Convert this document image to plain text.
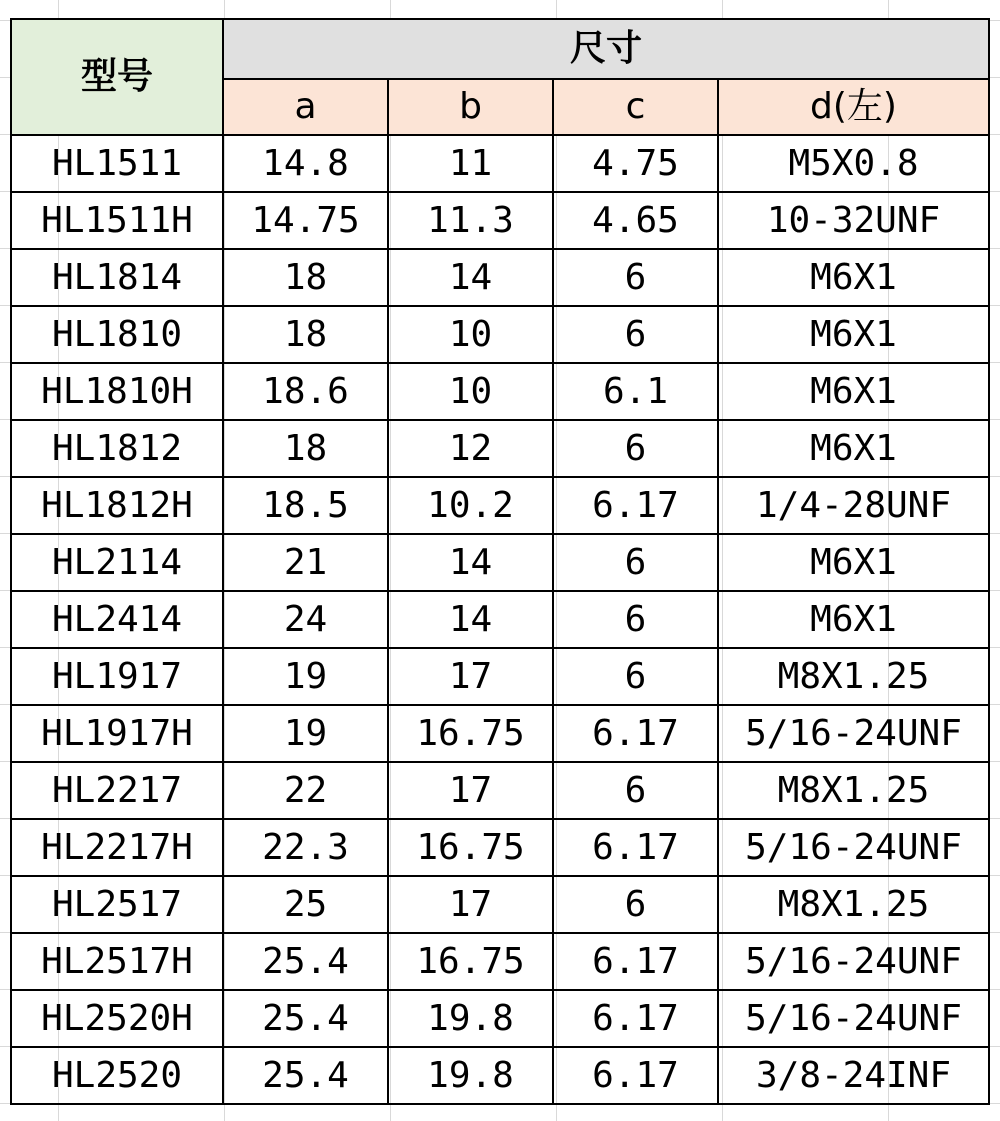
型号	尺寸			
	a	b	c	d(左)
HL1511	14.8	11	4.75	M5X0.8
HL1511H	14.75	11.3	4.65	10-32UNF
HL1814	18	14	6	M6X1
HL1810	18	10	6	M6X1
HL1810H	18.6	10	6.1	M6X1
HL1812	18	12	6	M6X1
HL1812H	18.5	10.2	6.17	1/4-28UNF
HL2114	21	14	6	M6X1
HL2414	24	14	6	M6X1
HL1917	19	17	6	M8X1.25
HL1917H	19	16.75	6.17	5/16-24UNF
HL2217	22	17	6	M8X1.25
HL2217H	22.3	16.75	6.17	5/16-24UNF
HL2517	25	17	6	M8X1.25
HL2517H	25.4	16.75	6.17	5/16-24UNF
HL2520H	25.4	19.8	6.17	5/16-24UNF
HL2520	25.4	19.8	6.17	3/8-24INF
